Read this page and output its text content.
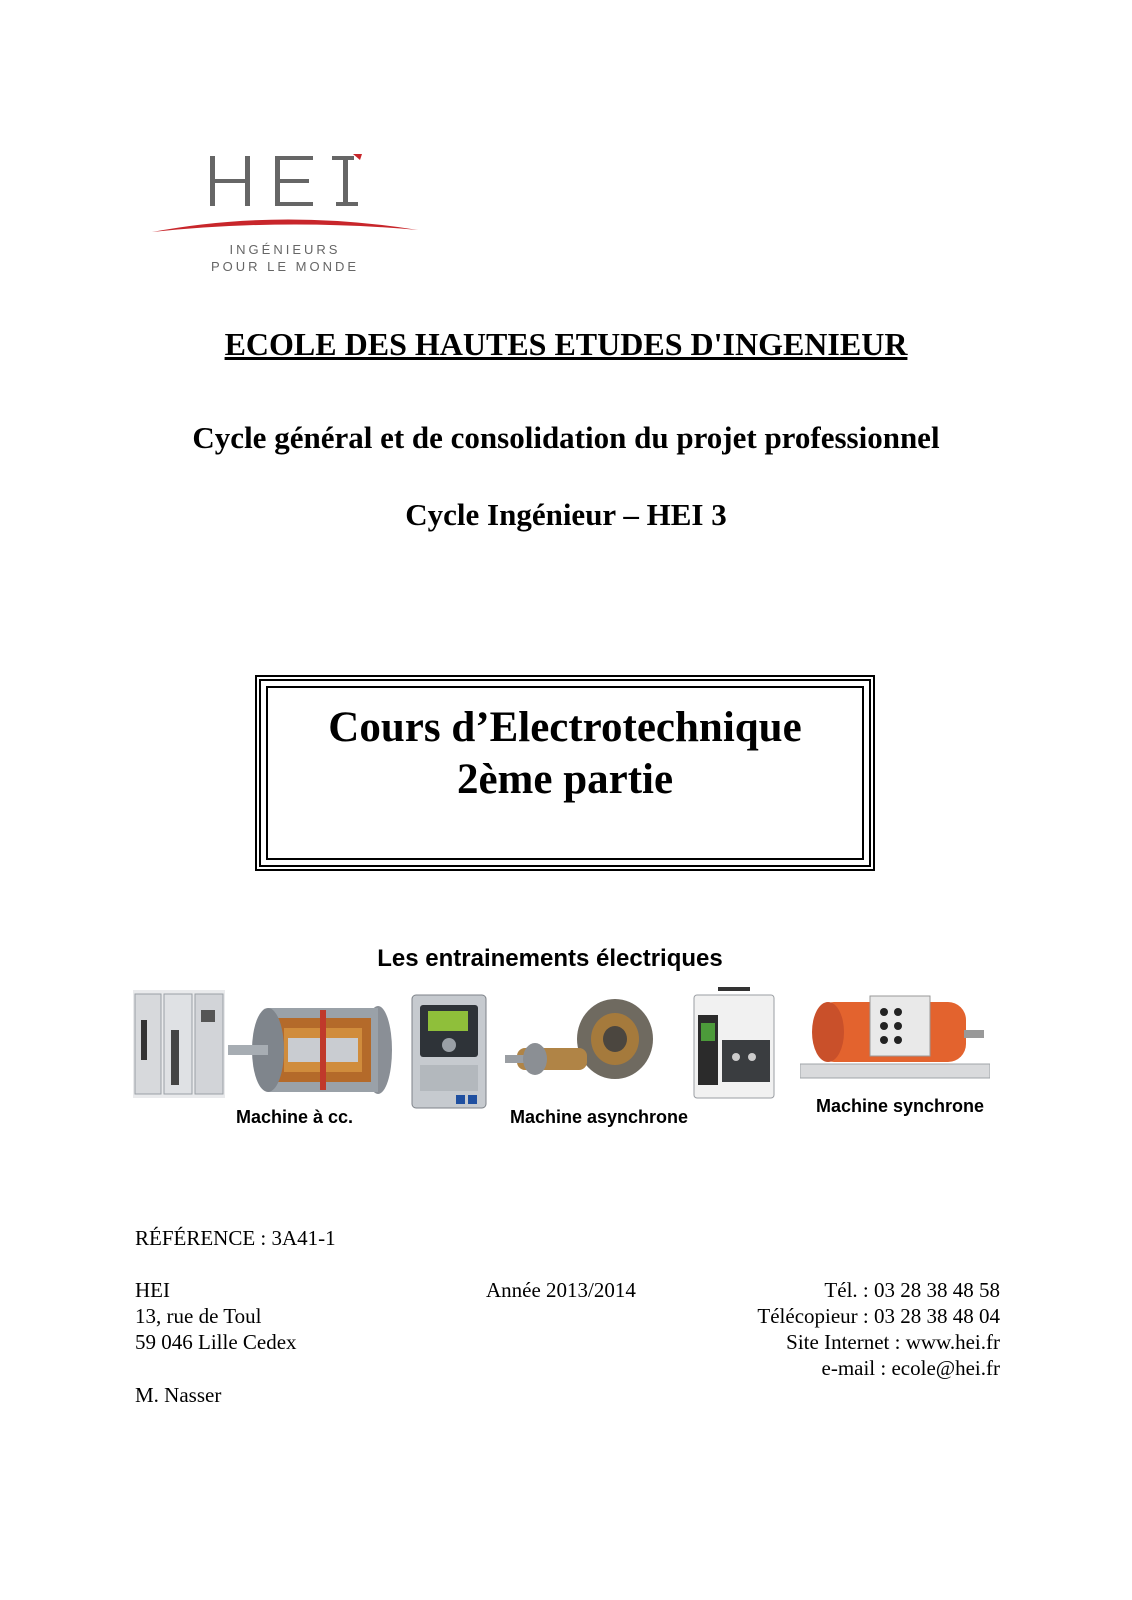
INGÉNIEURS
POUR LE MONDE
ECOLE DES HAUTES ETUDES D'INGENIEUR
Cycle général et de consolidation du projet professionnel
Cycle Ingénieur – HEI 3
Cours d’Electrotechnique
2ème partie
Les entrainements électriques
Machine à cc.	Machine asynchrone
Machine synchrone
RÉFÉRENCE : 3A41-1
HEI
13, rue de Toul
59 046 Lille Cedex
Année 2013/2014	Tél. : 03 28 38 48 58
Télécopieur : 03 28 38 48 04
Site Internet : www.hei.fr
e-mail : ecole@hei.fr
M. Nasser
